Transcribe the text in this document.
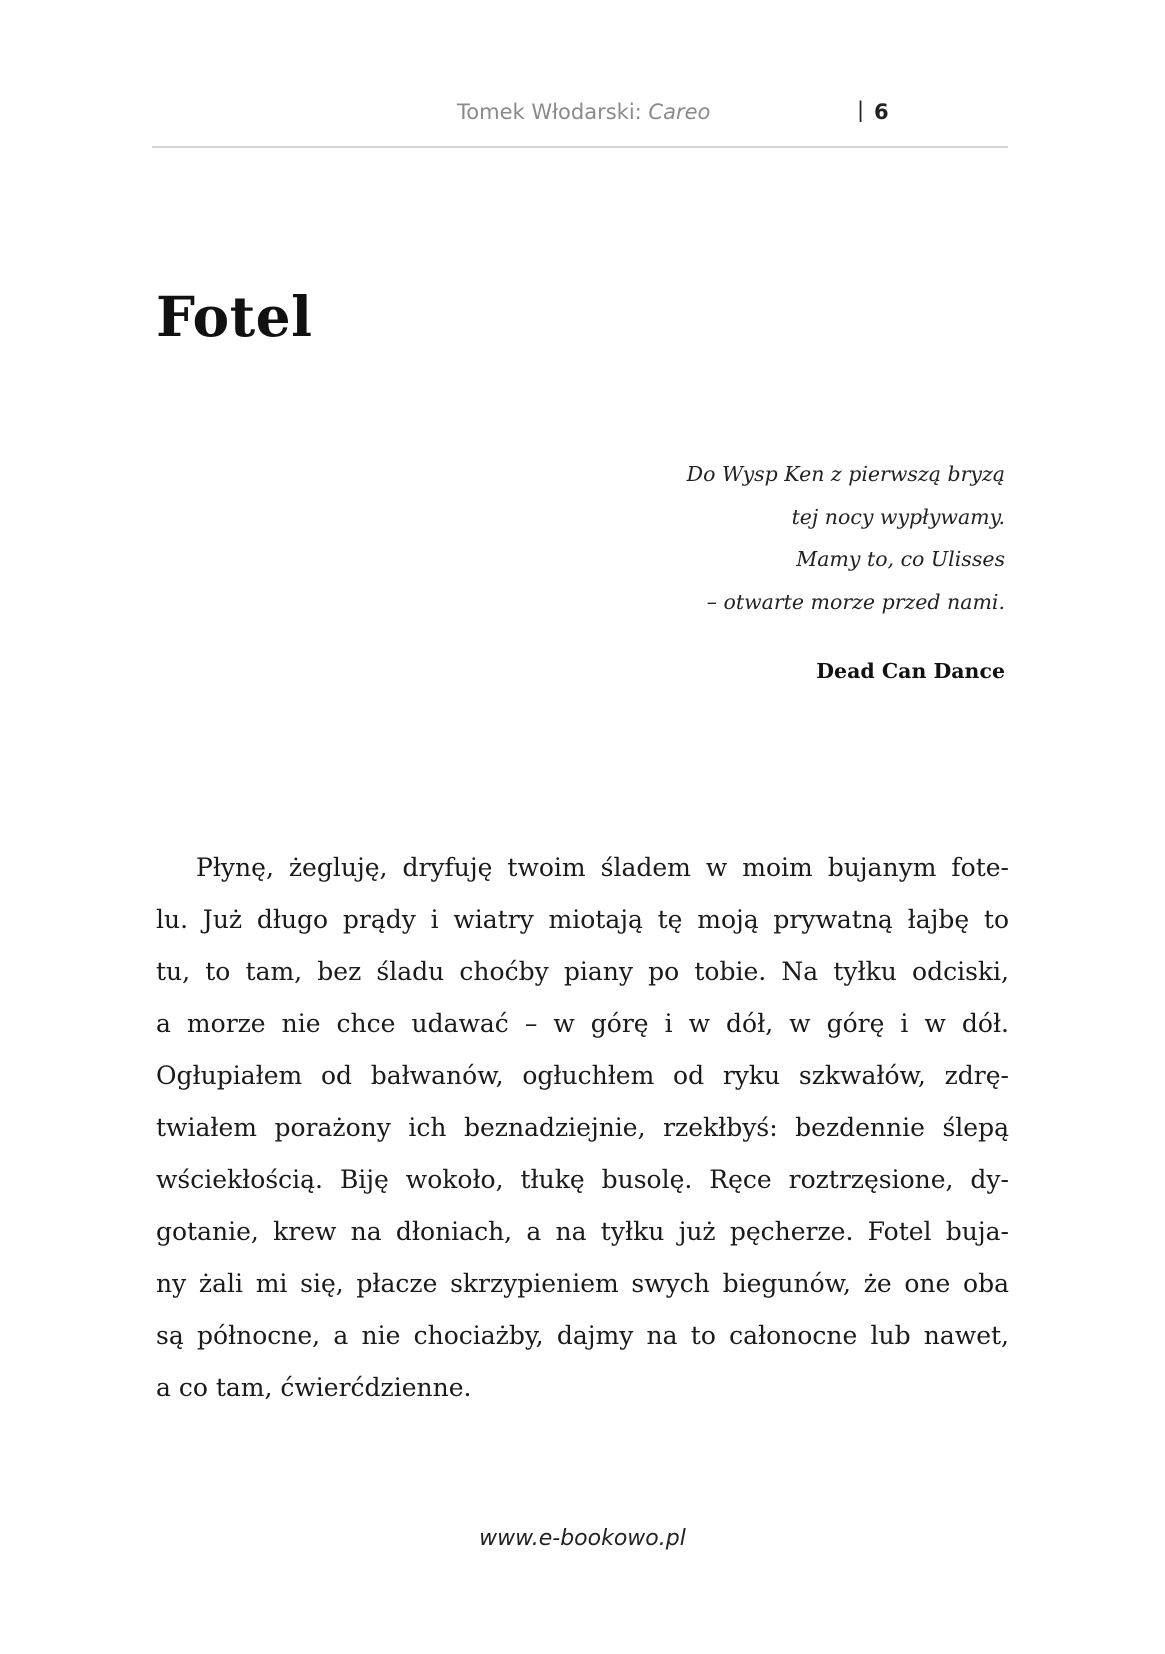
Tomek Włodarski: Careo	| 6
Fotel
Do Wysp Ken z pierwszą bryzą
tej nocy wypływamy.
Mamy to, co Ulisses
– otwarte morze przed nami.
Dead Can Dance
Płynę, żegluję, dryfuję twoim śladem w moim bujanym fote-
lu. Już długo prądy i wiatry miotają tę moją prywatną łajbę to
tu, to tam, bez śladu choćby piany po tobie. Na tyłku odciski,
a morze nie chce udawać – w górę i w dół, w górę i w dół.
Ogłupiałem od bałwanów, ogłuchłem od ryku szkwałów, zdrę-
twiałem porażony ich beznadziejnie, rzekłbyś: bezdennie ślepą
wściekłością. Biję wokoło, tłukę busolę. Ręce roztrzęsione, dy-
gotanie, krew na dłoniach, a na tyłku już pęcherze. Fotel buja-
ny żali mi się, płacze skrzypieniem swych biegunów, że one oba
są północne, a nie chociażby, dajmy na to całonocne lub nawet,
a co tam, ćwierćdzienne.
www.e-bookowo.pl
